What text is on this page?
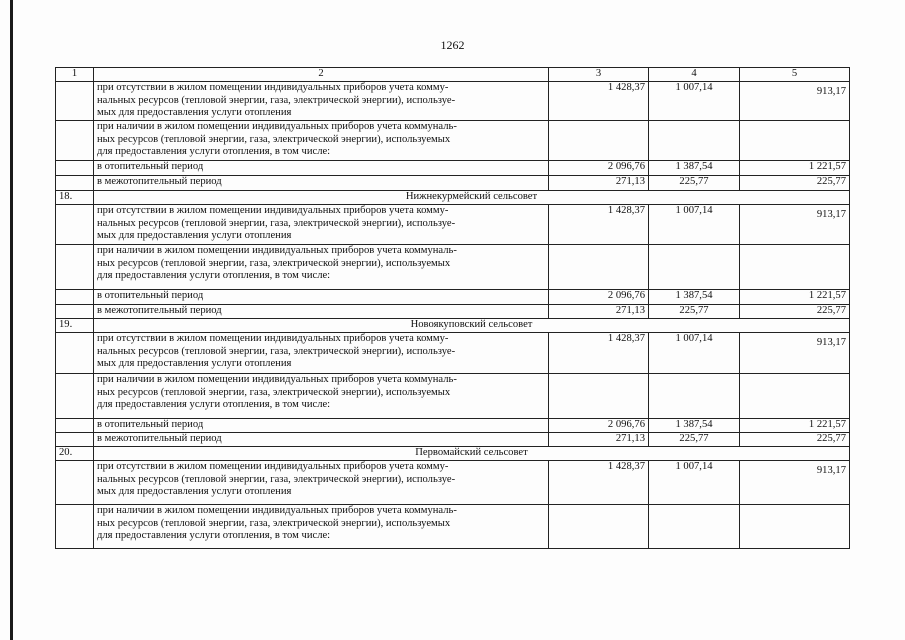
1262
1	2	3	4	5

	при отсутствии в жилом помещении индивидуальных приборов учета комму-
нальных ресурсов (тепловой энергии, газа, электрической энергии), используе-
мых для предоставления услуги отопления	1 428,37	1 007,14	913,17

	при наличии в жилом помещении индивидуальных приборов учета коммуналь-
ных ресурсов (тепловой энергии, газа, электрической энергии), используемых
для предоставления услуги отопления, в том числе:			

	в отопительный период	2 096,76	1 387,54	1 221,57
	в межотопительный период	271,13	225,77	225,77
18.	Нижнекурмейский сельсовет			

	при отсутствии в жилом помещении индивидуальных приборов учета комму-
нальных ресурсов (тепловой энергии, газа, электрической энергии), используе-
мых для предоставления услуги отопления	1 428,37	1 007,14	913,17

	при наличии в жилом помещении индивидуальных приборов учета коммуналь-
ных ресурсов (тепловой энергии, газа, электрической энергии), используемых
для предоставления услуги отопления, в том числе:			

	в отопительный период	2 096,76	1 387,54	1 221,57
	в межотопительный период	271,13	225,77	225,77
19.	Новоякуповский сельсовет			

	при отсутствии в жилом помещении индивидуальных приборов учета комму-
нальных ресурсов (тепловой энергии, газа, электрической энергии), используе-
мых для предоставления услуги отопления	1 428,37	1 007,14	913,17

	при наличии в жилом помещении индивидуальных приборов учета коммуналь-
ных ресурсов (тепловой энергии, газа, электрической энергии), используемых
для предоставления услуги отопления, в том числе:			

	в отопительный период	2 096,76	1 387,54	1 221,57
	в межотопительный период	271,13	225,77	225,77
20.	Первомайский сельсовет			

	при отсутствии в жилом помещении индивидуальных приборов учета комму-
нальных ресурсов (тепловой энергии, газа, электрической энергии), используе-
мых для предоставления услуги отопления	1 428,37	1 007,14	913,17

	при наличии в жилом помещении индивидуальных приборов учета коммуналь-
ных ресурсов (тепловой энергии, газа, электрической энергии), используемых
для предоставления услуги отопления, в том числе:			
